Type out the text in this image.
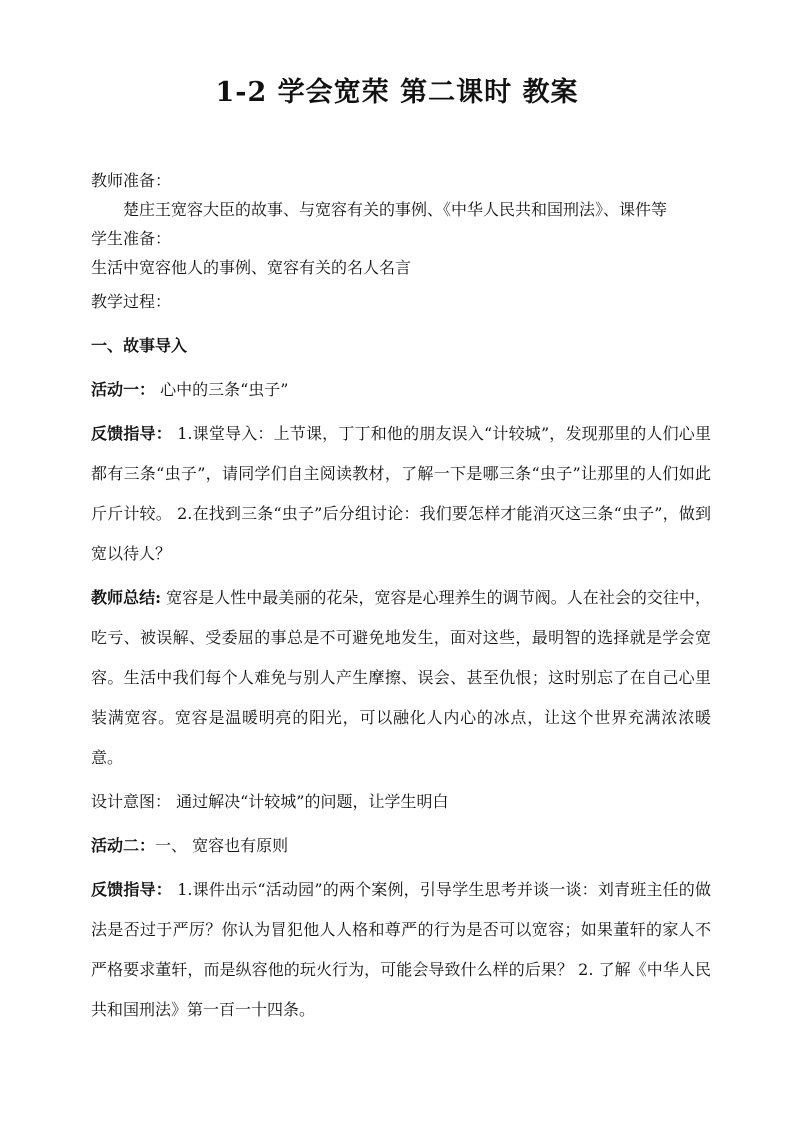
1-2 学会宽荣 第二课时 教案

教师准备：

楚庄王宽容大臣的故事、与宽容有关的事例、《中华人民共和国刑法》、课件等

学生准备：

生活中宽容他人的事例、宽容有关的名人名言

教学过程：

一、故事导入

活动一： 心中的三条“虫子”

反馈指导： 1.课堂导入：上节课，丁丁和他的朋友误入“计较城”，发现那里的人们心里都有三条“虫子”，请同学们自主阅读教材，了解一下是哪三条“虫子”让那里的人们如此斤斤计较。 2.在找到三条“虫子”后分组讨论：我们要怎样才能消灭这三条“虫子”，做到宽以待人？

教师总结: 宽容是人性中最美丽的花朵，宽容是心理养生的调节阀。人在社会的交往中，吃亏、被误解、受委屈的事总是不可避免地发生，面对这些，最明智的选择就是学会宽容。生活中我们每个人难免与别人产生摩擦、误会、甚至仇恨；这时别忘了在自己心里装满宽容。宽容是温暖明亮的阳光，可以融化人内心的冰点，让这个世界充满浓浓暖意。

设计意图： 通过解决“计较城”的问题，让学生明白

活动二：一、 宽容也有原则

反馈指导： 1.课件出示“活动园”的两个案例，引导学生思考并谈一谈：刘青班主任的做法是否过于严厉？你认为冒犯他人人格和尊严的行为是否可以宽容；如果董轩的家人不严格要求董轩，而是纵容他的玩火行为，可能会导致什么样的后果？ 2. 了解《中华人民共和国刑法》第一百一十四条。
